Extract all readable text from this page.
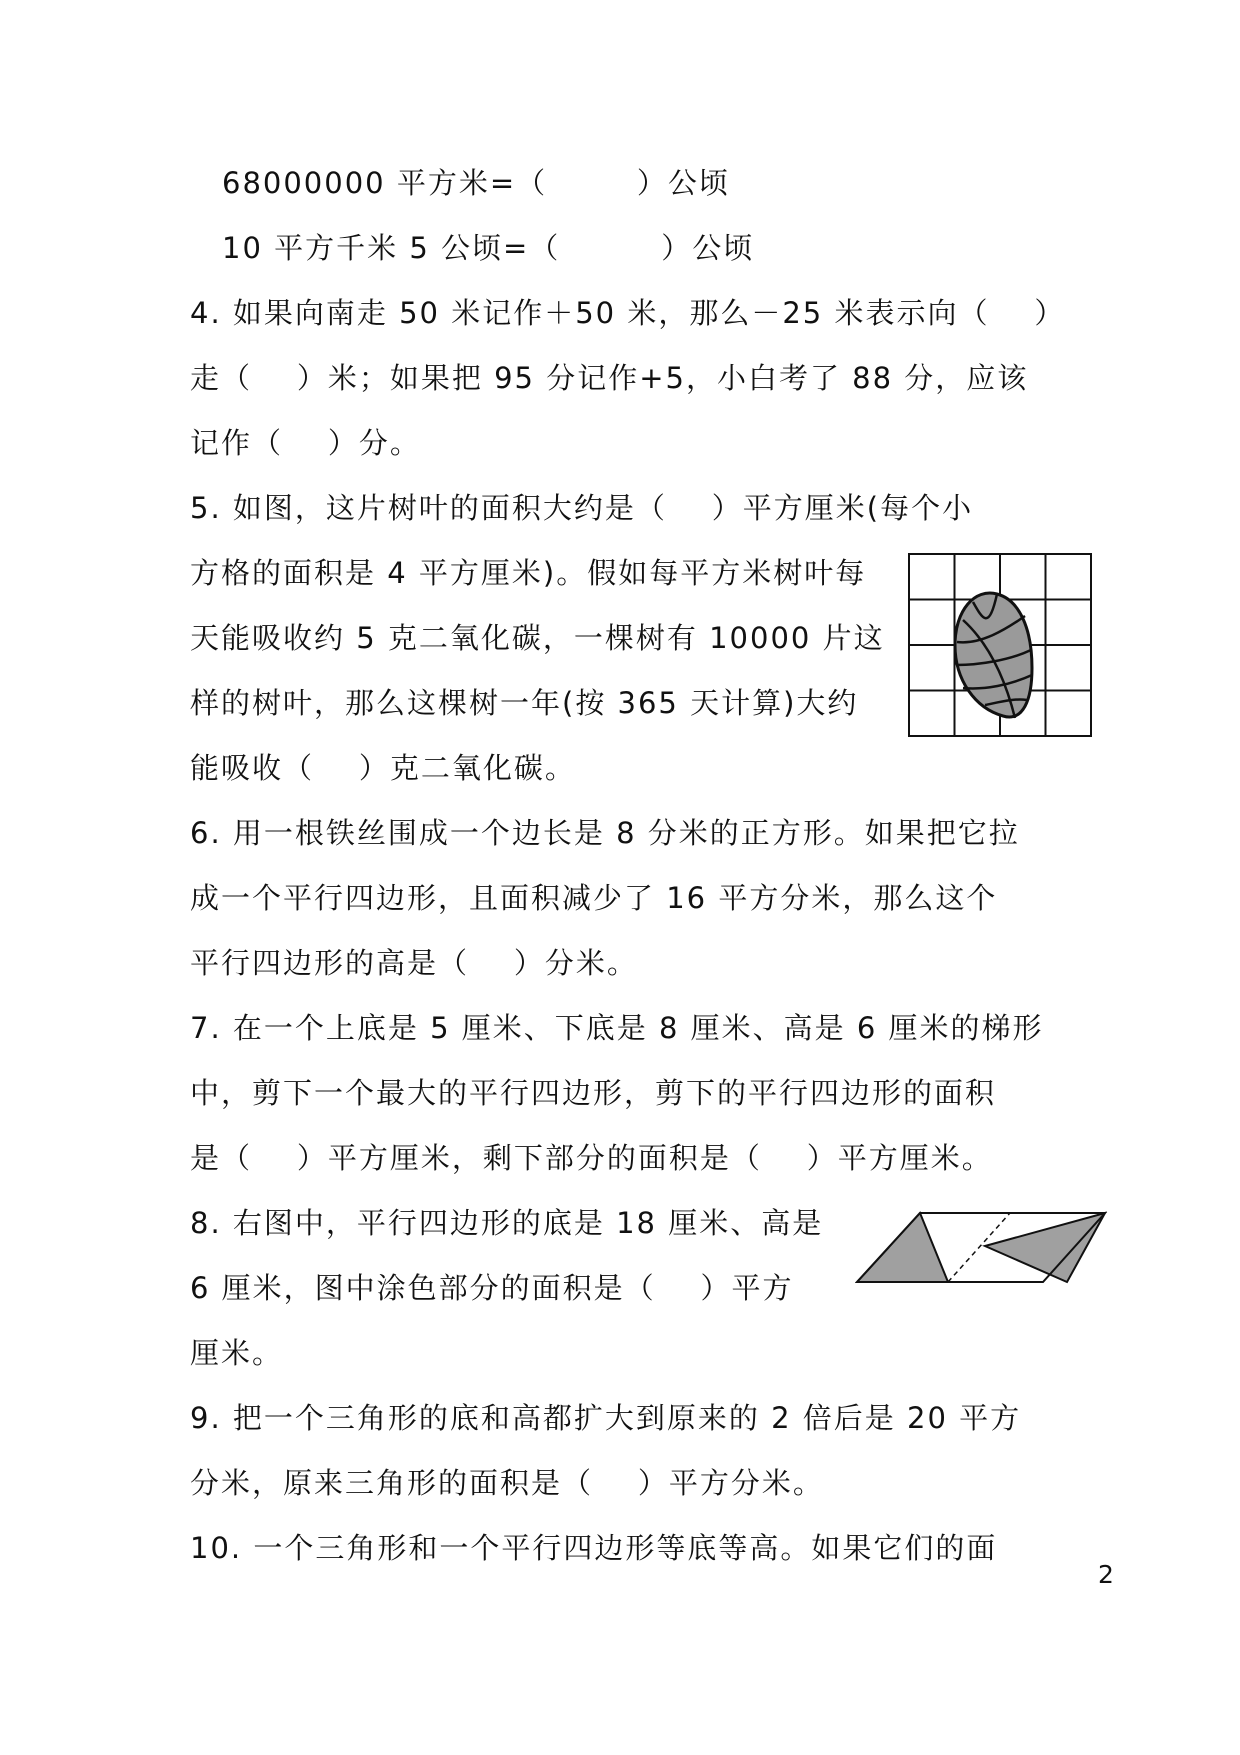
68000000 平方米=（        ）公顷
10 平方千米 5 公顷=（         ）公顷
4. 如果向南走 50 米记作＋50 米，那么－25 米表示向（    ）
走（    ）米；如果把 95 分记作+5，小白考了 88 分，应该
记作（    ）分。
5. 如图，这片树叶的面积大约是（    ）平方厘米(每个小
方格的面积是 4 平方厘米)。假如每平方米树叶每
天能吸收约 5 克二氧化碳，一棵树有 10000 片这
样的树叶，那么这棵树一年(按 365 天计算)大约
能吸收（    ）克二氧化碳。
6. 用一根铁丝围成一个边长是 8 分米的正方形。如果把它拉
成一个平行四边形，且面积减少了 16 平方分米，那么这个
平行四边形的高是（    ）分米。
7. 在一个上底是 5 厘米、下底是 8 厘米、高是 6 厘米的梯形
中，剪下一个最大的平行四边形，剪下的平行四边形的面积
是（    ）平方厘米，剩下部分的面积是（    ）平方厘米。
8. 右图中，平行四边形的底是 18 厘米、高是
6 厘米，图中涂色部分的面积是（    ）平方
厘米。
9. 把一个三角形的底和高都扩大到原来的 2 倍后是 20 平方
分米，原来三角形的面积是（    ）平方分米。
10. 一个三角形和一个平行四边形等底等高。如果它们的面
2
